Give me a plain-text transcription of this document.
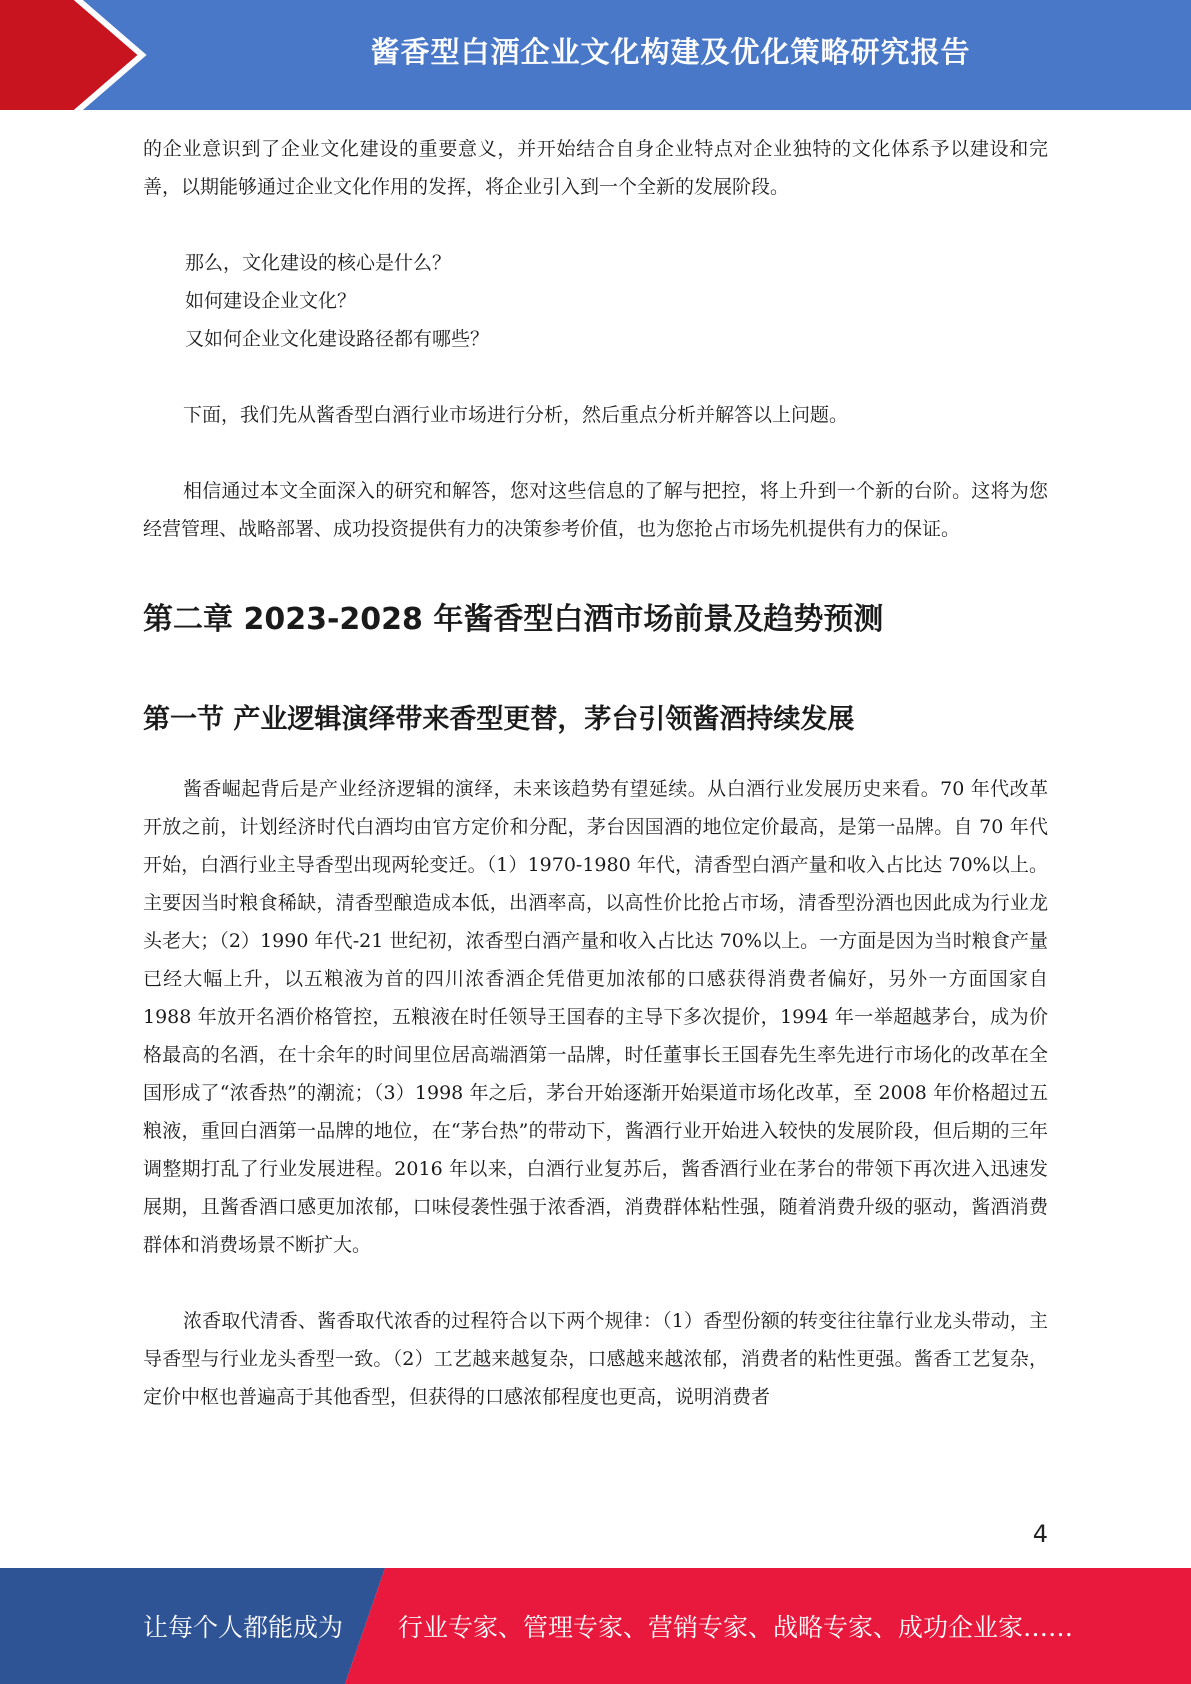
酱香型白酒企业文化构建及优化策略研究报告

的企业意识到了企业文化建设的重要意义，并开始结合自身企业特点对企业独特的文化体系予以建设和完善，以期能够通过企业文化作用的发挥，将企业引入到一个全新的发展阶段。

那么，文化建设的核心是什么？

如何建设企业文化？

又如何企业文化建设路径都有哪些？

下面，我们先从酱香型白酒行业市场进行分析，然后重点分析并解答以上问题。

相信通过本文全面深入的研究和解答，您对这些信息的了解与把控，将上升到一个新的台阶。这将为您经营管理、战略部署、成功投资提供有力的决策参考价值，也为您抢占市场先机提供有力的保证。

第二章 2023-2028 年酱香型白酒市场前景及趋势预测
第一节 产业逻辑演绎带来香型更替，茅台引领酱酒持续发展

酱香崛起背后是产业经济逻辑的演绎，未来该趋势有望延续。从白酒行业发展历史来看。70 年代改革开放之前，计划经济时代白酒均由官方定价和分配，茅台因国酒的地位定价最高，是第一品牌。自 70 年代开始，白酒行业主导香型出现两轮变迁。（1）1970-1980 年代，清香型白酒产量和收入占比达 70%以上。主要因当时粮食稀缺，清香型酿造成本低，出酒率高，以高性价比抢占市场，清香型汾酒也因此成为行业龙头老大；（2）1990 年代-21 世纪初，浓香型白酒产量和收入占比达 70%以上。一方面是因为当时粮食产量已经大幅上升，以五粮液为首的四川浓香酒企凭借更加浓郁的口感获得消费者偏好，另外一方面国家自 1988 年放开名酒价格管控，五粮液在时任领导王国春的主导下多次提价，1994 年一举超越茅台，成为价格最高的名酒，在十余年的时间里位居高端酒第一品牌，时任董事长王国春先生率先进行市场化的改革在全国形成了“浓香热”的潮流；（3）1998 年之后，茅台开始逐渐开始渠道市场化改革，至 2008 年价格超过五粮液，重回白酒第一品牌的地位，在“茅台热”的带动下，酱酒行业开始进入较快的发展阶段，但后期的三年调整期打乱了行业发展进程。2016 年以来，白酒行业复苏后，酱香酒行业在茅台的带领下再次进入迅速发展期，且酱香酒口感更加浓郁，口味侵袭性强于浓香酒，消费群体粘性强，随着消费升级的驱动，酱酒消费群体和消费场景不断扩大。

浓香取代清香、酱香取代浓香的过程符合以下两个规律：（1）香型份额的转变往往靠行业龙头带动，主导香型与行业龙头香型一致。（2）工艺越来越复杂，口感越来越浓郁，消费者的粘性更强。酱香工艺复杂，定价中枢也普遍高于其他香型，但获得的口感浓郁程度也更高，说明消费者

4
让每个人都能成为 行业专家、管理专家、营销专家、战略专家、成功企业家……
